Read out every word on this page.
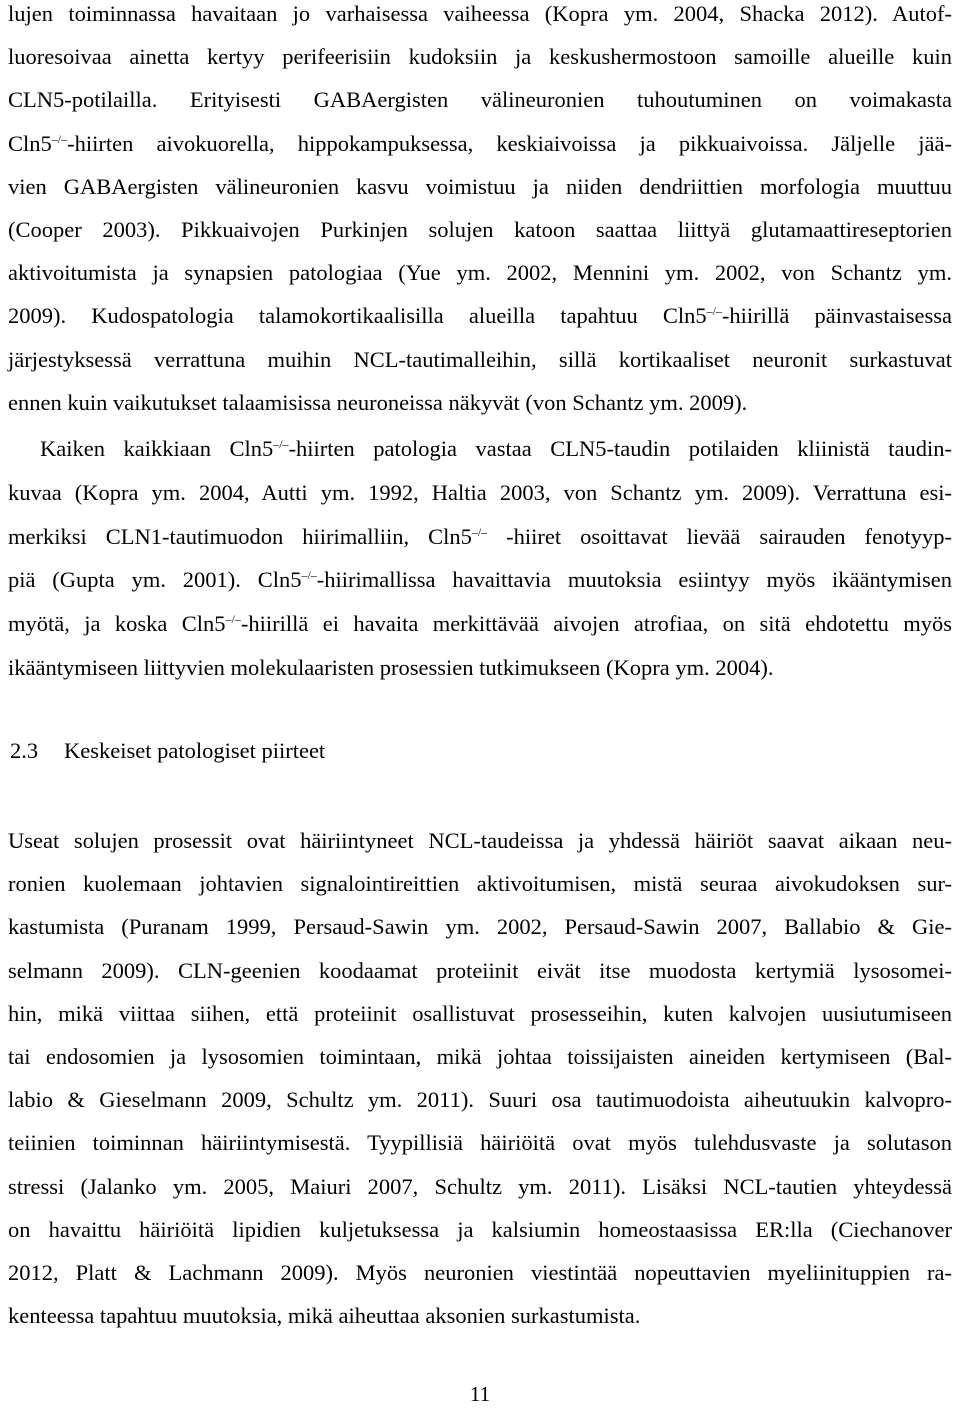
lujen toiminnassa havaitaan jo varhaisessa vaiheessa (Kopra ym. 2004, Shacka 2012). Autof-
luoresoivaa ainetta kertyy perifeerisiin kudoksiin ja keskushermostoon samoille alueille kuin
CLN5-potilailla. Erityisesti GABAergisten välineuronien tuhoutuminen on voimakasta
Cln5–/–-hiirten aivokuorella, hippokampuksessa, keskiaivoissa ja pikkuaivoissa. Jäljelle jää-
vien GABAergisten välineuronien kasvu voimistuu ja niiden dendriittien morfologia muuttuu
(Cooper 2003). Pikkuaivojen Purkinjen solujen katoon saattaa liittyä glutamaattireseptorien
aktivoitumista ja synapsien patologiaa (Yue ym. 2002, Mennini ym. 2002, von Schantz ym.
2009). Kudospatologia talamokortikaalisilla alueilla tapahtuu Cln5–/–-hiirillä päinvastaisessa
järjestyksessä verrattuna muihin NCL-tautimalleihin, sillä kortikaaliset neuronit surkastuvat
ennen kuin vaikutukset talaamisissa neuroneissa näkyvät (von Schantz ym. 2009).
Kaiken kaikkiaan Cln5–/–-hiirten patologia vastaa CLN5-taudin potilaiden kliinistä taudin-
kuvaa (Kopra ym. 2004, Autti ym. 1992, Haltia 2003, von Schantz ym. 2009). Verrattuna esi-
merkiksi CLN1-tautimuodon hiirimalliin, Cln5–/– -hiiret osoittavat lievää sairauden fenotyyp-
piä (Gupta ym. 2001). Cln5–/–-hiirimallissa havaittavia muutoksia esiintyy myös ikääntymisen
myötä, ja koska Cln5–/–-hiirillä ei havaita merkittävää aivojen atrofiaa, on sitä ehdotettu myös
ikääntymiseen liittyvien molekulaaristen prosessien tutkimukseen (Kopra ym. 2004).
2.3 Keskeiset patologiset piirteet
Useat solujen prosessit ovat häiriintyneet NCL-taudeissa ja yhdessä häiriöt saavat aikaan neu-
ronien kuolemaan johtavien signalointireittien aktivoitumisen, mistä seuraa aivokudoksen sur-
kastumista (Puranam 1999, Persaud-Sawin ym. 2002, Persaud-Sawin 2007, Ballabio & Gie-
selmann 2009). CLN-geenien koodaamat proteiinit eivät itse muodosta kertymiä lysosomei-
hin, mikä viittaa siihen, että proteiinit osallistuvat prosesseihin, kuten kalvojen uusiutumiseen
tai endosomien ja lysosomien toimintaan, mikä johtaa toissijaisten aineiden kertymiseen (Bal-
labio & Gieselmann 2009, Schultz ym. 2011). Suuri osa tautimuodoista aiheutuukin kalvopro-
teiinien toiminnan häiriintymisestä. Tyypillisiä häiriöitä ovat myös tulehdusvaste ja solutason
stressi (Jalanko ym. 2005, Maiuri 2007, Schultz ym. 2011). Lisäksi NCL-tautien yhteydessä
on havaittu häiriöitä lipidien kuljetuksessa ja kalsiumin homeostaasissa ER:lla (Ciechanover
2012, Platt & Lachmann 2009). Myös neuronien viestintää nopeuttavien myeliinituppien ra-
kenteessa tapahtuu muutoksia, mikä aiheuttaa aksonien surkastumista.
11
